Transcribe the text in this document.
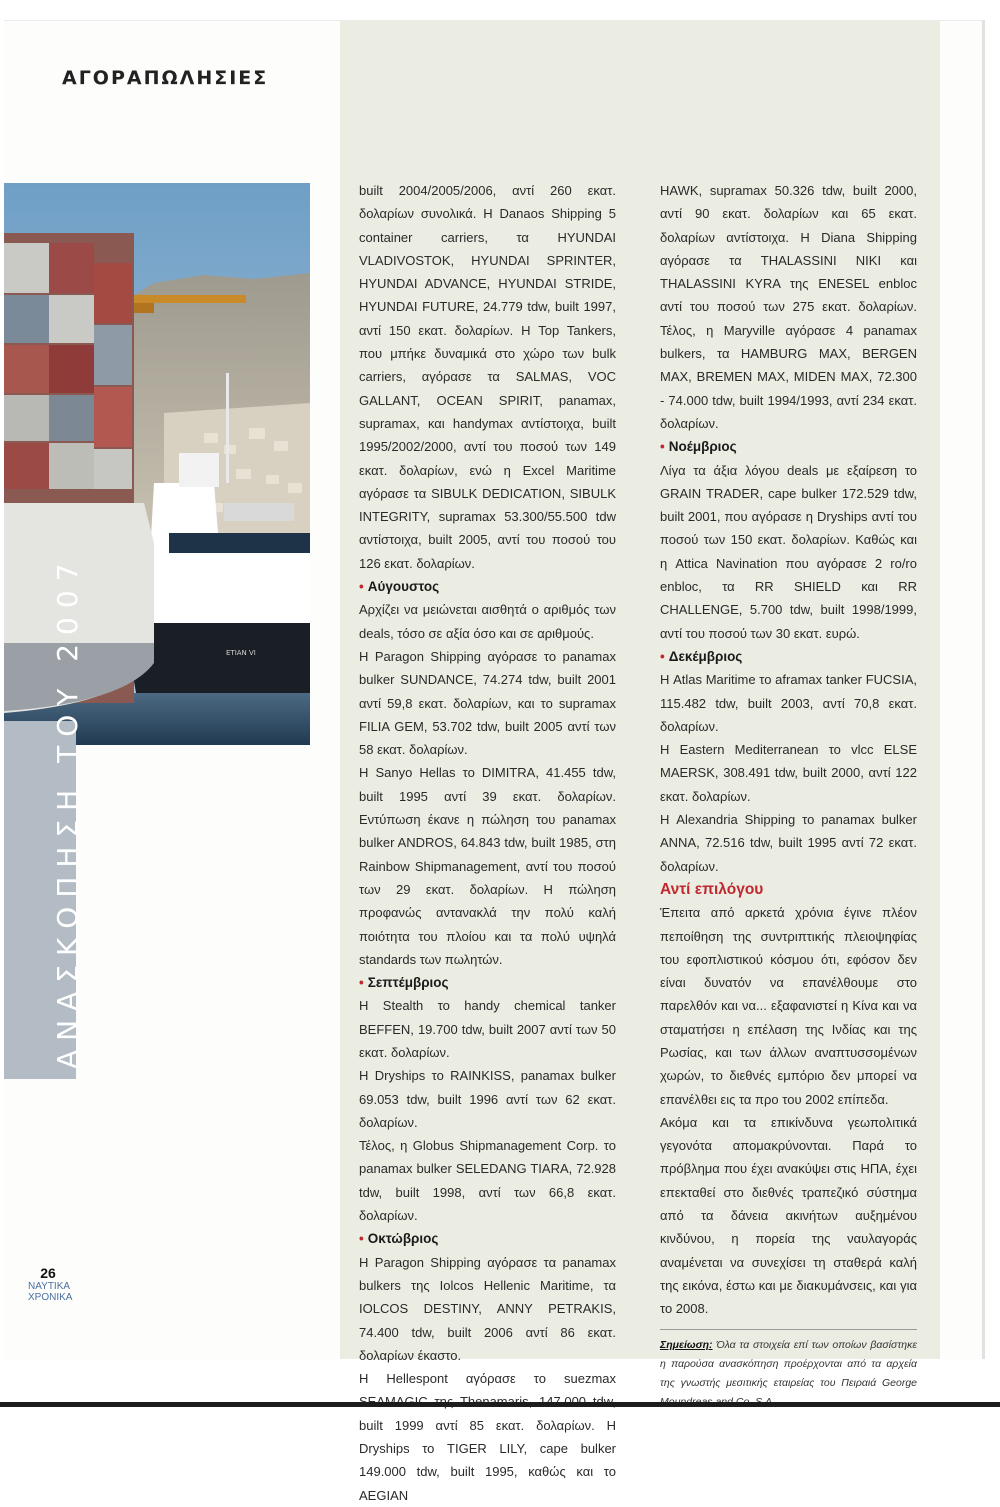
ΑΓΟΡΑΠΩΛΗΣΙΕΣ
ETIAN VI
ΑΝΑΣΚΟΠΗΣΗ ΤΟΥ 2007
26
ΝΑΥΤΙΚΑ
ΧΡΟΝΙΚΑ

built 2004/2005/2006, αντί 260 εκατ. δολαρίων συνολικά. Η Danaos Shipping 5 container carriers, τα HYUNDAI VLADIVOSTOK, HYUNDAI SPRINTER, HYUNDAI ADVANCE, HYUNDAI STRIDE, HYUNDAI FUTURE, 24.779 tdw, built 1997, αντί 150 εκατ. δολαρίων. Η Top Tankers, που μπήκε δυναμικά στο χώρο των bulk carriers, αγόρασε τα SALMAS, VOC GALLANT, OCEAN SPIRIT, panamax, supramax, και handymax αντίστοιχα, built 1995/2002/2000, αντί του ποσού των 149 εκατ. δολαρίων, ενώ η Excel Maritime αγόρασε τα SIBULK DEDICATION, SIBULK INTEGRITY, supramax 53.300/55.500 tdw αντίστοιχα, built 2005, αντί του ποσού του 126 εκατ. δολαρίων.

• Αύγουστος

Αρχίζει να μειώνεται αισθητά ο αριθμός των deals, τόσο σε αξία όσο και σε αριθμούς.

Η Paragon Shipping αγόρασε το panamax bulker SUNDANCE, 74.274 tdw, built 2001 αντί 59,8 εκατ. δολαρίων, και το supramax FILIA GEM, 53.702 tdw, built 2005 αντί των 58 εκατ. δολαρίων.

Η Sanyo Hellas το DIMITRA, 41.455 tdw, built 1995 αντί 39 εκατ. δολαρίων. Εντύπωση έκανε η πώληση του panamax bulker ANDROS, 64.843 tdw, built 1985, στη Rainbow Shipmanagement, αντί του ποσού των 29 εκατ. δολαρίων. Η πώληση προφανώς αντανακλά την πολύ καλή ποιότητα του πλοίου και τα πολύ υψηλά standards των πωλητών.

• Σεπτέμβριος

Η Stealth το handy chemical tanker BEFFEN, 19.700 tdw, built 2007 αντί των 50 εκατ. δολαρίων.

Η Dryships το RAINKISS, panamax bulker 69.053 tdw, built 1996 αντί των 62 εκατ. δολαρίων.

Τέλος, η Globus Shipmanagement Corp. το panamax bulker SELEDANG TIARA, 72.928 tdw, built 1998, αντί των 66,8 εκατ. δολαρίων.

• Οκτώβριος

Η Paragon Shipping αγόρασε τα panamax bulkers της Iolcos Hellenic Maritime, τα IOLCOS DESTINY, ANNY PETRAKIS, 74.400 tdw, built 2006 αντί 86 εκατ. δολαρίων έκαστο.

Η Hellespont αγόρασε το suezmax built 1999 αντί 85 εκατ. δολαρίων. Η Dryships το TIGER LILY, cape bulker 149.000 tdw, built 1995, καθώς και το AEGIAN

HAWK, supramax 50.326 tdw, built 2000, αντί 90 εκατ. δολαρίων και 65 εκατ. δολαρίων αντίστοιχα. Η Diana Shipping αγόρασε τα THALASSINI NIKI και THALASSINI KYRA της ENESEL enbloc αντί του ποσού των 275 εκατ. δολαρίων. Τέλος, η Maryville αγόρασε 4 panamax bulkers, τα HAMBURG MAX, BERGEN MAX, BREMEN MAX, MIDEN MAX, 72.300 - 74.000 tdw, built 1994/1993, αντί 234 εκατ. δολαρίων.

• Νοέμβριος

Λίγα τα άξια λόγου deals με εξαίρεση το GRAIN TRADER, cape bulker 172.529 tdw, built 2001, που αγόρασε η Dryships αντί του ποσού των 150 εκατ. δολαρίων. Καθώς και η Attica Navination που αγόρασε 2 ro/ro enbloc, τα RR SHIELD και RR CHALLENGE, 5.700 tdw, built 1998/1999, αντί του ποσού των 30 εκατ. ευρώ.

• Δεκέμβριος

Η Atlas Maritime το aframax tanker FUCSIA, 115.482 tdw, built 2003, αντί 70,8 εκατ. δολαρίων.

Η Eastern Mediterranean το vlcc ELSE MAERSK, 308.491 tdw, built 2000, αντί 122 εκατ. δολαρίων.

Η Alexandria Shipping το panamax bulker ANNA, 72.516 tdw, built 1995 αντί 72 εκατ. δολαρίων.

Αντί επιλόγου

Έπειτα από αρκετά χρόνια έγινε πλέον πεποίθηση της συντριπτικής πλειοψηφίας του εφοπλιστικού κόσμου ότι, εφόσον δεν είναι δυνατόν να επανέλθουμε στο παρελθόν και να... εξαφανιστεί η Κίνα και να σταματήσει η επέλαση της Ινδίας και της Ρωσίας, και των άλλων αναπτυσσομένων χωρών, το διεθνές εμπόριο δεν μπορεί να επανέλθει εις τα προ του 2002 επίπεδα.

Ακόμα και τα επικίνδυνα γεωπολιτικά γεγονότα απομακρύνονται. Παρά το πρόβλημα που έχει ανακύψει στις ΗΠΑ, έχει επεκταθεί στο διεθνές τραπεζικό σύστημα από τα δάνεια ακινήτων αυξημένου κινδύνου, η πορεία της ναυλαγοράς αναμένεται να συνεχίσει τη σταθερά καλή της εικόνα, έστω και με διακυμάνσεις, και για το 2008.

Σημείωση: Όλα τα στοιχεία επί των οποίων βασίστηκε η παρούσα ανασκόπηση προέρχονται από τα αρχεία της γνωστής μεσιτικής εταιρείας του Πειραιά George
